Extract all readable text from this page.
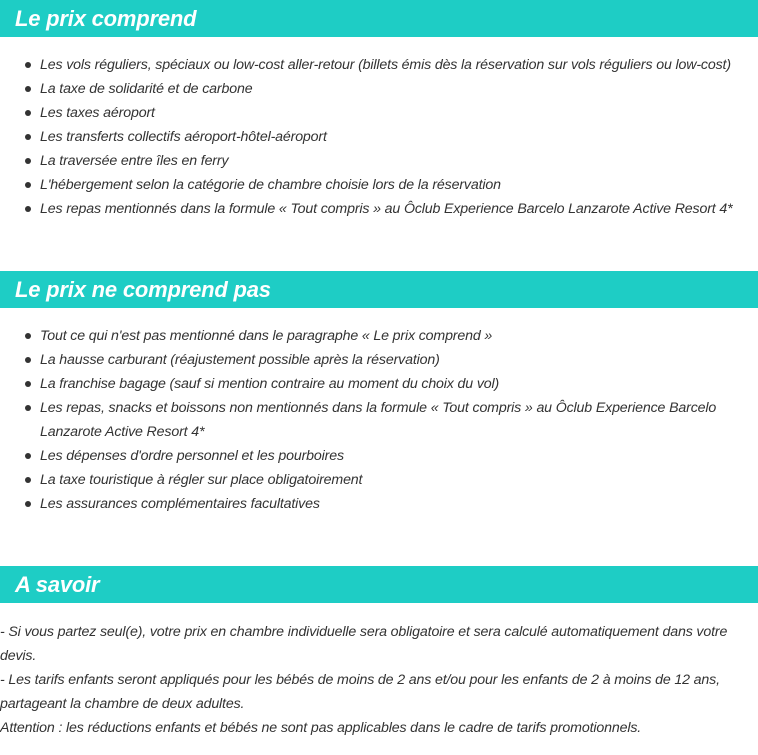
Le prix comprend
Les vols réguliers, spéciaux ou low-cost aller-retour (billets émis dès la réservation sur vols réguliers ou low-cost)
La taxe de solidarité et de carbone
Les taxes aéroport
Les transferts collectifs aéroport-hôtel-aéroport
La traversée entre îles en ferry
L'hébergement selon la catégorie de chambre choisie lors de la réservation
Les repas mentionnés dans la formule « Tout compris » au Ôclub Experience Barcelo Lanzarote Active Resort 4*
Le prix ne comprend pas
Tout ce qui n'est pas mentionné dans le paragraphe « Le prix comprend »
La hausse carburant (réajustement possible après la réservation)
La franchise bagage (sauf si mention contraire au moment du choix du vol)
Les repas, snacks et boissons non mentionnés dans la formule « Tout compris » au Ôclub Experience Barcelo Lanzarote Active Resort 4*
Les dépenses d'ordre personnel et les pourboires
La taxe touristique à régler sur place obligatoirement
Les assurances complémentaires facultatives
A savoir

- Si vous partez seul(e), votre prix en chambre individuelle sera obligatoire et sera calculé automatiquement dans votre devis.

- Les tarifs enfants seront appliqués pour les bébés de moins de 2 ans et/ou pour les enfants de 2 à moins de 12 ans, partageant la chambre de deux adultes.

Attention : les réductions enfants et bébés ne sont pas applicables dans le cadre de tarifs promotionnels.
